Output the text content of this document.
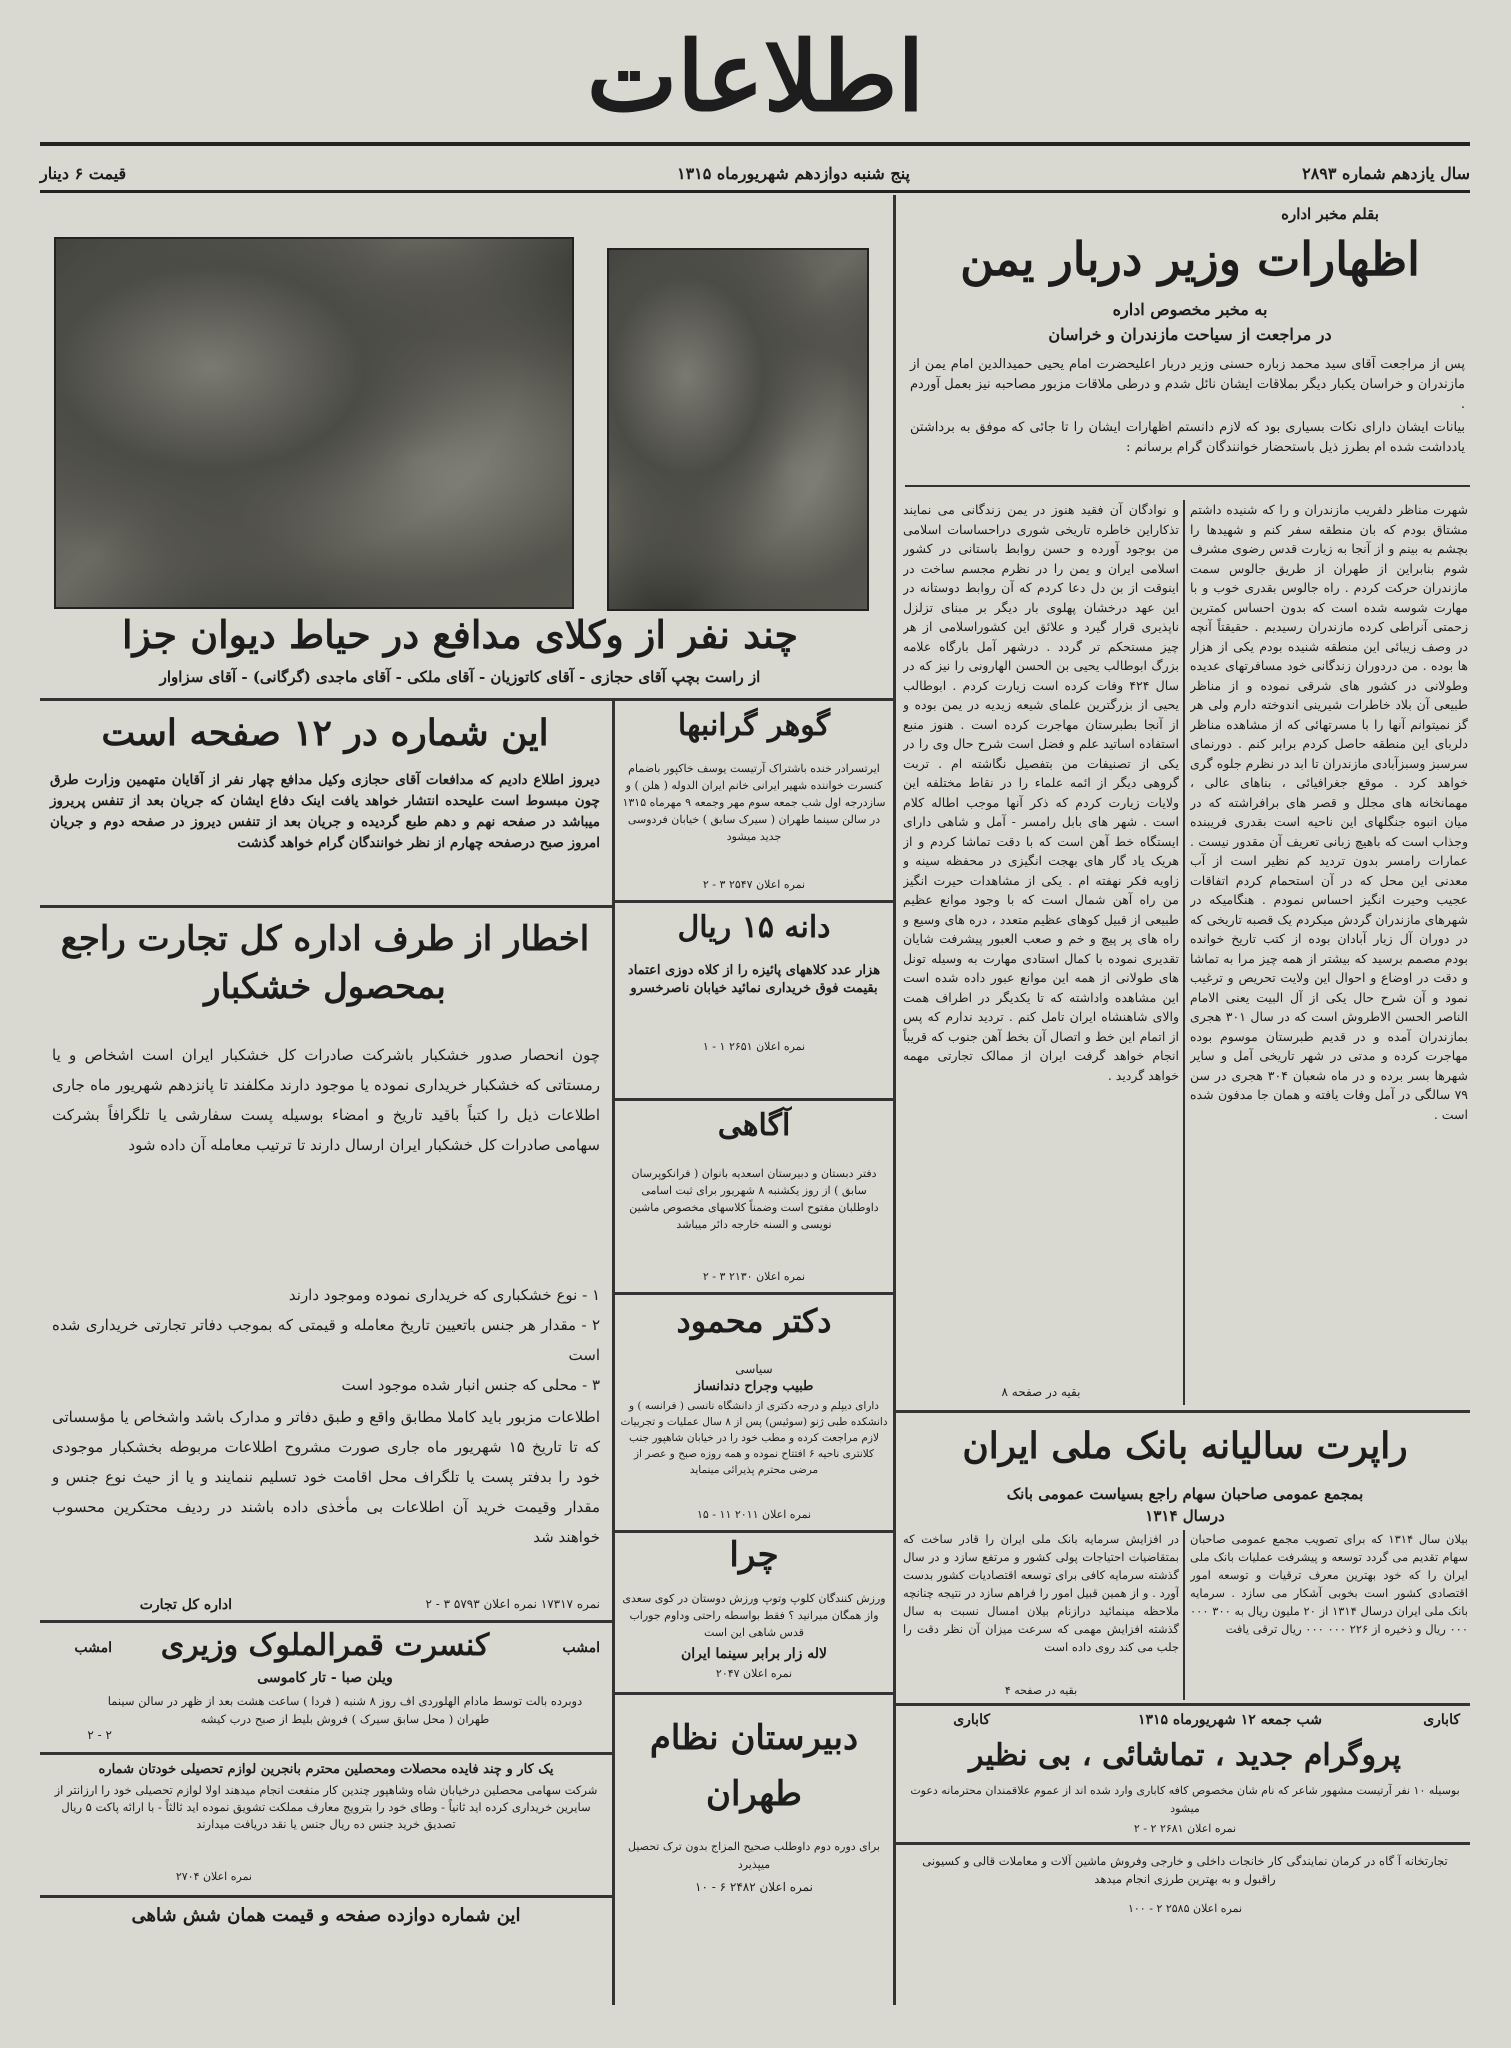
اطلاعات
سال یازدهم شماره ۲۸۹۳
پنج شنبه دوازدهم شهریورماه ۱۳۱۵
قیمت ۶ دینار
بقلم مخبر اداره
اظهارات وزیر دربار یمن
به مخبر مخصوص اداره
در مراجعت از سیاحت مازندران و خراسان
پس از مراجعت آقای سید محمد زباره حسنی وزیر دربار اعلیحضرت امام یحیی حمیدالدین امام یمن از مازندران و خراسان یکبار دیگر بملاقات ایشان نائل شدم و درطی ملاقات مزبور مصاحبه نیز بعمل آوردم .
بیانات ایشان دارای نکات بسیاری بود که لازم دانستم اظهارات ایشان را تا جائی که موفق به برداشتن یادداشت شده ام بطرز ذیل باستحضار خوانندگان گرام برسانم :
شهرت مناظر دلفریب مازندران و را که شنیده داشتم مشتاق بودم که بان منطقه سفر کنم و شهیدها را بچشم به بینم و از آنجا به زیارت قدس رضوی مشرف شوم بنابراین از طهران از طریق جالوس سمت مازندران حرکت کردم . راه جالوس بقدری خوب و با مهارت شوسه شده است که بدون احساس کمترین زحمتی آنراطی کرده مازندران رسیدیم . حقیقتاً آنچه در وصف زیبائی این منطقه شنیده بودم یکی از هزار ها بوده . من دردوران زندگانی خود مسافرتهای عدیده وطولانی در کشور های شرقی نموده و از مناظر طبیعی آن بلاد خاطرات شیرینی اندوخته دارم ولی هر گز نمیتوانم آنها را با مسرتهائی که از مشاهده مناظر دلربای این منطقه حاصل کردم برابر کنم . دورنمای سرسبز وسبزآبادی مازندران تا ابد در نظرم جلوه گری خواهد کرد . موقع جغرافیائی ، بناهای عالی ، مهمانخانه های مجلل و قصر های برافراشته که در میان انبوه جنگلهای این ناحیه است بقدری فریبنده وجذاب است که باهیچ زبانی تعریف آن مقدور نیست . عمارات رامسر بدون تردید کم نظیر است از آب معدنی این محل که در آن استحمام کردم اتفاقات عجیب وحیرت انگیز احساس نمودم . هنگامیکه در شهرهای مازندران گردش میکردم یک قصبه تاریخی که در دوران آل زیار آبادان بوده از کتب تاریخ خوانده بودم مصمم برسید که بیشتر از همه چیز مرا به تماشا و دقت در اوضاع و احوال این ولایت تحریص و ترغیب نمود و آن شرح حال یکی از آل البیت یعنی الامام الناصر الحسن الاطروش است که در سال ۳۰۱ هجری بمازندران آمده و در قدیم طبرستان موسوم بوده مهاجرت کرده و مدتی در شهر تاریخی آمل و سایر شهرها بسر برده و در ماه شعبان ۳۰۴ هجری در سن ۷۹ سالگی در آمل وفات یافته و همان جا مدفون شده است .
و نوادگان آن فقید هنوز در یمن زندگانی می نمایند تذکاراین خاطره تاریخی شوری دراحساسات اسلامی من بوجود آورده و حسن روابط باستانی در کشور اسلامی ایران و یمن را در نظرم مجسم ساخت در اینوقت از بن دل دعا کردم که آن روابط دوستانه در این عهد درخشان پهلوی بار دیگر بر مبنای تزلزل ناپذیری قرار گیرد و علائق این کشوراسلامی از هر چیز مستحکم تر گردد . درشهر آمل بارگاه علامه بزرگ ابوطالب یحیی بن الحسن الهارونی را نیز که در سال ۴۲۴ وفات کرده است زیارت کردم . ابوطالب یحیی از بزرگترین علمای شیعه زیدیه در یمن بوده و از آنجا بطبرستان مهاجرت کرده است . هنوز منبع استفاده اساتید علم و فضل است شرح حال وی را در یکی از تصنیفات من بتفصیل نگاشته ام . تربت گروهی دیگر از ائمه علماء را در نقاط مختلفه این ولایات زیارت کردم که ذکر آنها موجب اطاله کلام است . شهر های بابل رامسر - آمل و شاهی دارای ایستگاه خط آهن است که با دقت تماشا کردم و از هریک یاد گار های بهجت انگیزی در محفظه سینه و زاویه فکر نهفته ام . یکی از مشاهدات حیرت انگیز من راه آهن شمال است که با وجود موانع عظیم طبیعی از قبیل کوهای عظیم متعدد ، دره های وسیع و راه های پر پیچ و خم و صعب العبور پیشرفت شایان تقدیری نموده با کمال استادی مهارت به وسیله تونل های طولانی از همه این موانع عبور داده شده است این مشاهده واداشته که تا یکدیگر در اطراف همت والای شاهنشاه ایران تامل کنم . تردید ندارم که پس از اتمام این خط و اتصال آن بخط آهن جنوب که قریباً انجام خواهد گرفت ایران از ممالک تجارتی مهمه خواهد گردید .
بقیه در صفحه ۸
چند نفر از وکلای مدافع در حیاط دیوان جزا
از راست بچپ آقای حجازی - آقای کاتوزیان - آقای ملکی - آقای ماجدی (گرگانی) - آقای سزاوار
این شماره در ۱۲ صفحه است
دیروز اطلاع دادیم که مدافعات آقای حجازی وکیل مدافع چهار نفر از آقایان متهمین وزارت طرق چون مبسوط است علیحده انتشار خواهد یافت اینک دفاع ایشان که جریان بعد از تنفس پریروز میباشد در صفحه نهم و دهم طبع گردیده و جریان بعد از تنفس دیروز در صفحه دوم و جریان امروز صبح درصفحه چهارم از نظر خوانندگان گرام خواهد گذشت
اخطار از طرف اداره کل تجارت راجع بمحصول خشکبار
چون انحصار صدور خشکبار باشرکت صادرات کل خشکبار ایران است اشخاص و یا رمستاتی که خشکبار خریداری نموده یا موجود دارند مکلفند تا پانزدهم شهریور ماه جاری اطلاعات ذیل را کتباً باقید تاریخ و امضاء بوسیله پست سفارشی یا تلگرافاً بشرکت سهامی صادرات کل خشکبار ایران ارسال دارند تا ترتیب معامله آن داده شود
۱ - نوع خشکباری که خریداری نموده وموجود دارند
۲ - مقدار هر جنس باتعیین تاریخ معامله و قیمتی که بموجب دفاتر تجارتی خریداری شده است
۳ - محلی که جنس انبار شده موجود است
اطلاعات مزبور باید کاملا مطابق واقع و طبق دفاتر و مدارک باشد واشخاص یا مؤسساتی که تا تاریخ ۱۵ شهریور ماه جاری صورت مشروح اطلاعات مربوطه بخشکبار موجودی خود را بدفتر پست یا تلگراف محل اقامت خود تسلیم ننمایند و یا از حیث نوع جنس و مقدار وقیمت خرید آن اطلاعات بی مأخذی داده باشند در ردیف محتکرین محسوب خواهند شد
نمره ۱۷۳۱۷ نمره اعلان ۵۷۹۳ ۳ - ۲
اداره کل تجارت
امشب
امشب	کنسرت قمرالملوک وزیری
ویلن صبا - تار کاموسی
دوبرده بالت توسط مادام الهلوردی اف روز ۸ شنبه ( فردا ) ساعت هشت بعد از ظهر در سالن سینما طهران ( محل سابق سیرک ) فروش بلیط از صبح درب کیشه
۲ - ۲
یک کار و چند فایده محصلات ومحصلین محترم بانجرین لوازم تحصیلی خودتان شماره
شرکت سهامی محصلین درخیابان شاه وشاهپور چندین کار منفعت انجام میدهند اولا لوازم تحصیلی خود را ارزانتر از سایرین خریداری کرده اید ثانیاً - وطای خود را بترویج معارف مملکت تشویق نموده اید ثالثاً - با ارائه پاکت ۵ ریال تصدیق خرید جنس ده ریال جنس یا نقد دریافت میدارند
نمره اعلان ۲۷۰۴
این شماره دوازده صفحه و قیمت همان شش شاهی
گوهر گرانبها
ایرتسرادر خنده باشتراک آرتیست یوسف خاکپور باضمام کنسرت خواننده شهیر ایرانی خانم ایران الدوله ( هلن ) و سازدرجه اول شب جمعه سوم مهر وجمعه ۹ مهرماه ۱۳۱۵ در سالن سینما طهران ( سیرک سابق ) خیابان فردوسی جدید میشود
نمره اعلان ۲۵۴۷ ۳ - ۲
دانه ۱۵ ریال
هزار عدد کلاههای پائیزه را از کلاه دوزی اعتماد بقیمت فوق خریداری نمائید خیابان ناصرخسرو
نمره اعلان ۲۶۵۱ ۱ - ۱
آگاهی
دفتر دبستان و دبیرستان اسعدیه بانوان ( فرانکوپرسان سابق ) از روز یکشنبه ۸ شهریور برای ثبت اسامی داوطلبان مفتوح است وضمناً کلاسهای مخصوص ماشین نویسی و السنه خارجه دائر میباشد
نمره اعلان ۲۱۳۰ ۳ - ۲
دکتر محمود
سیاسی
طبیب وجراح دندانساز
دارای دیپلم و درجه دکتری از دانشگاه نانسی ( فرانسه ) و دانشکده طبی ژنو (سوئیس) پس از ۸ سال عملیات و تجربیات لازم مراجعت کرده و مطب خود را در خیابان شاهپور جنب کلانتری ناحیه ۶ افتتاح نموده و همه روزه صبح و عصر از مرضی محترم پذیرائی مینماید
نمره اعلان ۲۰۱۱ ۱۱ - ۱۵
چرا
ورزش کنندگان کلوپ وتوپ ورزش دوستان در کوی سعدی واز همگان میرانید ؟ فقط بواسطه راحتی وداوم جوراب قدس شاهی این است
لاله زار برابر سینما ایران
نمره اعلان ۲۰۴۷
دبیرستان نظام طهران
برای دوره دوم داوطلب صحیح المزاج بدون ترک تحصیل میپذیرد
نمره اعلان ۲۴۸۲ ۶ - ۱۰
راپرت سالیانه بانک ملی ایران
بمجمع عمومی صاحبان سهام راجع بسیاست عمومی بانک
درسال ۱۳۱۴
بیلان سال ۱۳۱۴ که برای تصویب مجمع عمومی صاحبان سهام تقدیم می گردد توسعه و پیشرفت عملیات بانک ملی ایران را که خود بهترین معرف ترقیات و توسعه امور اقتصادی کشور است بخوبی آشکار می سازد . سرمایه بانک ملی ایران درسال ۱۳۱۴ از ۲۰ ملیون ریال به ۳۰۰ ۰۰۰ ۰۰۰ ریال و ذخیره از ۲۲۶ ۰۰۰ ۰۰۰ ریال ترقی یافت
در افزایش سرمایه بانک ملی ایران را قادر ساخت که بمتقاضیات احتیاجات پولی کشور و مرتفع سازد و در سال گذشته سرمایه کافی برای توسعه اقتصادیات کشور بدست آورد . و از همین قبیل امور را فراهم سازد در نتیجه چنانچه ملاحظه مینمائید درازنام بیلان امسال نسبت به سال گذشته افزایش مهمی که سرعت میزان آن نظر دقت را جلب می کند روی داده است
بقیه در صفحه ۴
کاباری
شب جمعه ۱۲ شهریورماه ۱۳۱۵
کاباری
پروگرام جدید ، تماشائی ، بی نظیر
بوسیله ۱۰ نفر آرتیست مشهور شاعر که نام شان مخصوص کافه کاباری وارد شده اند از عموم علاقمندان محترمانه دعوت میشود
نمره اعلان ۲۶۸۱ ۲ - ۲
تجارتخانه آ گاه در کرمان نمایندگی کار خانجات داخلی و خارجی وفروش ماشین آلات و معاملات قالی و کسیونی راقبول و به بهترین طرزی انجام میدهد
نمره اعلان ۲۵۸۵ ۲ - ۱۰۰
